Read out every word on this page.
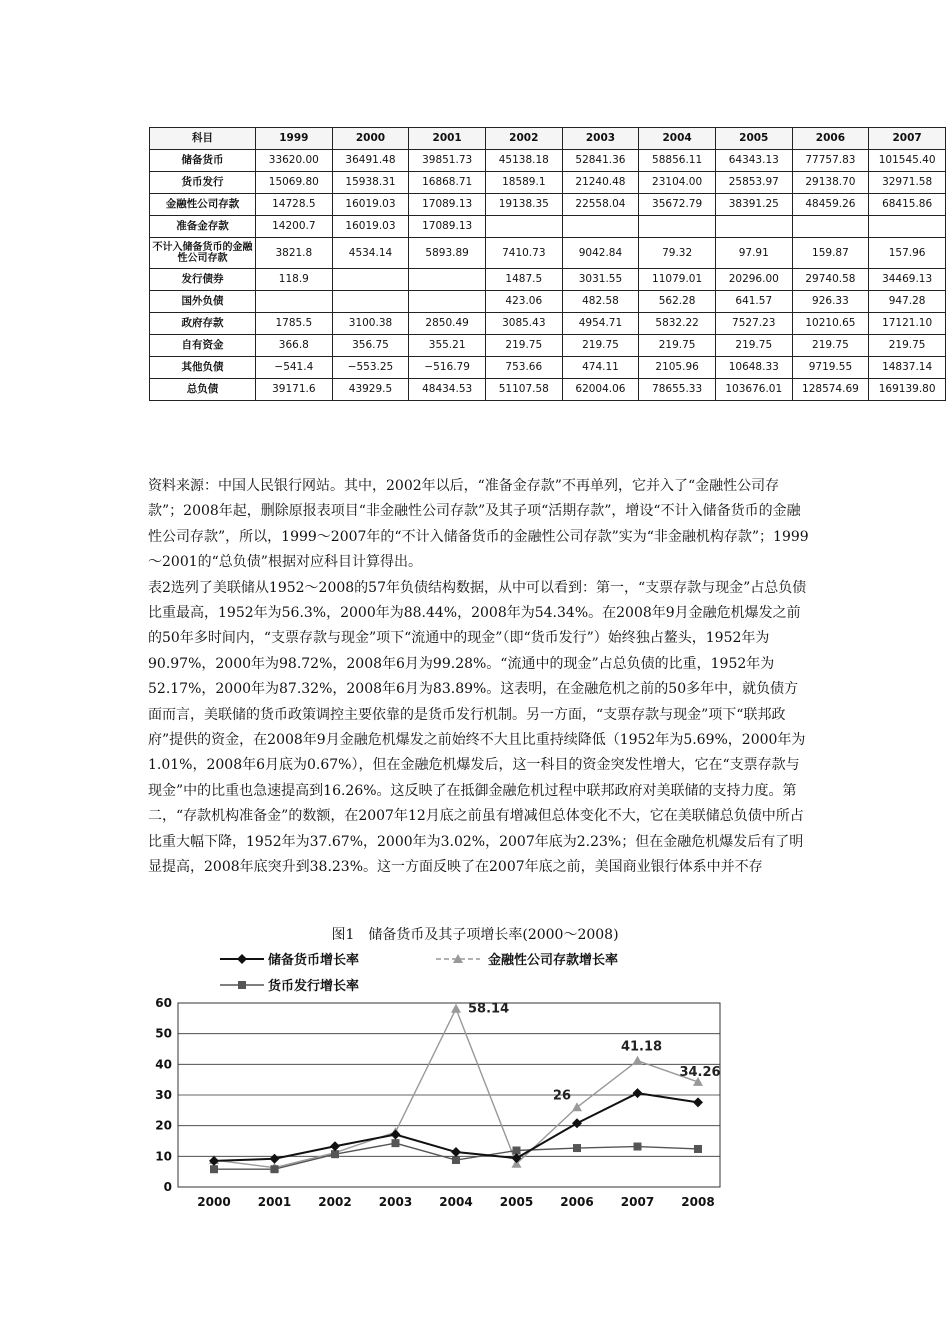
科目	1999	2000	2001	2002	2003	2004	2005	2006	2007
储备货币	33620.00	36491.48	39851.73	45138.18	52841.36	58856.11	64343.13	77757.83	101545.40
货币发行	15069.80	15938.31	16868.71	18589.1	21240.48	23104.00	25853.97	29138.70	32971.58
金融性公司存款	14728.5	16019.03	17089.13	19138.35	22558.04	35672.79	38391.25	48459.26	68415.86
准备金存款	14200.7	16019.03	17089.13						
不计入储备货币的金融性公司存款	3821.8	4534.14	5893.89	7410.73	9042.84	79.32	97.91	159.87	157.96
发行债券	118.9			1487.5	3031.55	11079.01	20296.00	29740.58	34469.13
国外负债				423.06	482.58	562.28	641.57	926.33	947.28
政府存款	1785.5	3100.38	2850.49	3085.43	4954.71	5832.22	7527.23	10210.65	17121.10
自有资金	366.8	356.75	355.21	219.75	219.75	219.75	219.75	219.75	219.75
其他负债	−541.4	−553.25	−516.79	753.66	474.11	2105.96	10648.33	9719.55	14837.14
总负债	39171.6	43929.5	48434.53	51107.58	62004.06	78655.33	103676.01	128574.69	169139.80

资料来源：中国人民银行网站。其中，2002年以后，“准备金存款”不再单列，它并入了“金融性公司存款”；2008年起，删除原报表项目“非金融性公司存款”及其子项“活期存款”，增设“不计入储备货币的金融性公司存款”，所以，1999～2007年的“不计入储备货币的金融性公司存款”实为“非金融机构存款”；1999～2001的“总负债”根据对应科目计算得出。

表2选列了美联储从1952～2008的57年负债结构数据，从中可以看到：第一，“支票存款与现金”占总负债比重最高，1952年为56.3%，2000年为88.44%，2008年为54.34%。在2008年9月金融危机爆发之前的50年多时间内，“支票存款与现金”项下“流通中的现金”（即“货币发行”）始终独占鳌头，1952年为90.97%，2000年为98.72%，2008年6月为99.28%。“流通中的现金”占总负债的比重，1952年为52.17%，2000年为87.32%，2008年6月为83.89%。这表明，在金融危机之前的50多年中，就负债方面而言，美联储的货币政策调控主要依靠的是货币发行机制。另一方面，“支票存款与现金”项下“联邦政府”提供的资金，在2008年9月金融危机爆发之前始终不大且比重持续降低（1952年为5.69%，2000年为1.01%，2008年6月底为0.67%），但在金融危机爆发后，这一科目的资金突发性增大，它在“支票存款与现金”中的比重也急速提高到16.26%。这反映了在抵御金融危机过程中联邦政府对美联储的支持力度。第二，“存款机构准备金”的数额，在2007年12月底之前虽有增减但总体变化不大，它在美联储总负债中所占比重大幅下降，1952年为37.67%，2000年为3.02%，2007年底为2.23%；但在金融危机爆发后有了明显提高，2008年底突升到38.23%。这一方面反映了在2007年底之前，美国商业银行体系中并不存

图1　储备货币及其子项增长率(2000～2008)
0
10
20
30
40
50
60
2000 2001 2002 2003 2004 2005 2006 2007 2008
储备货币增长率	金融性公司存款增长率
货币发行增长率
58.14
26
41.18
34.26
